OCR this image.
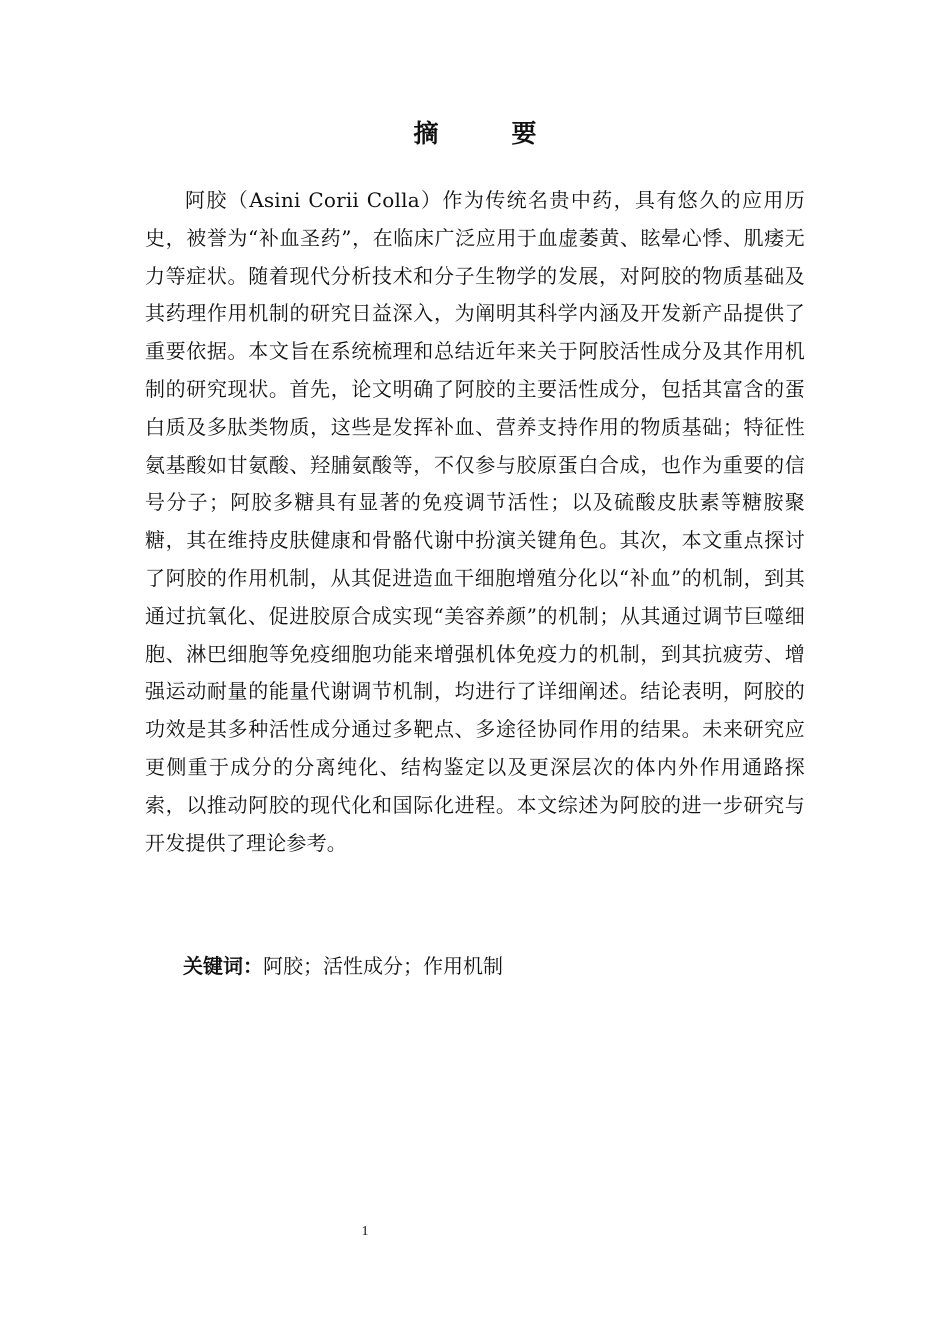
摘　要

阿胶（Asini Corii Colla）作为传统名贵中药，具有悠久的应用历史，被誉为“补血圣药”，在临床广泛应用于血虚萎黄、眩晕心悸、肌痿无力等症状。随着现代分析技术和分子生物学的发展，对阿胶的物质基础及其药理作用机制的研究日益深入，为阐明其科学内涵及开发新产品提供了重要依据。本文旨在系统梳理和总结近年来关于阿胶活性成分及其作用机制的研究现状。首先，论文明确了阿胶的主要活性成分，包括其富含的蛋白质及多肽类物质，这些是发挥补血、营养支持作用的物质基础；特征性氨基酸如甘氨酸、羟脯氨酸等，不仅参与胶原蛋白合成，也作为重要的信号分子；阿胶多糖具有显著的免疫调节活性；以及硫酸皮肤素等糖胺聚糖，其在维持皮肤健康和骨骼代谢中扮演关键角色。其次，本文重点探讨了阿胶的作用机制，从其促进造血干细胞增殖分化以“补血”的机制，到其通过抗氧化、促进胶原合成实现“美容养颜”的机制；从其通过调节巨噬细胞、淋巴细胞等免疫细胞功能来增强机体免疫力的机制，到其抗疲劳、增强运动耐量的能量代谢调节机制，均进行了详细阐述。结论表明，阿胶的功效是其多种活性成分通过多靶点、多途径协同作用的结果。未来研究应更侧重于成分的分离纯化、结构鉴定以及更深层次的体内外作用通路探索，以推动阿胶的现代化和国际化进程。本文综述为阿胶的进一步研究与开发提供了理论参考。

关键词：阿胶；活性成分；作用机制
1
